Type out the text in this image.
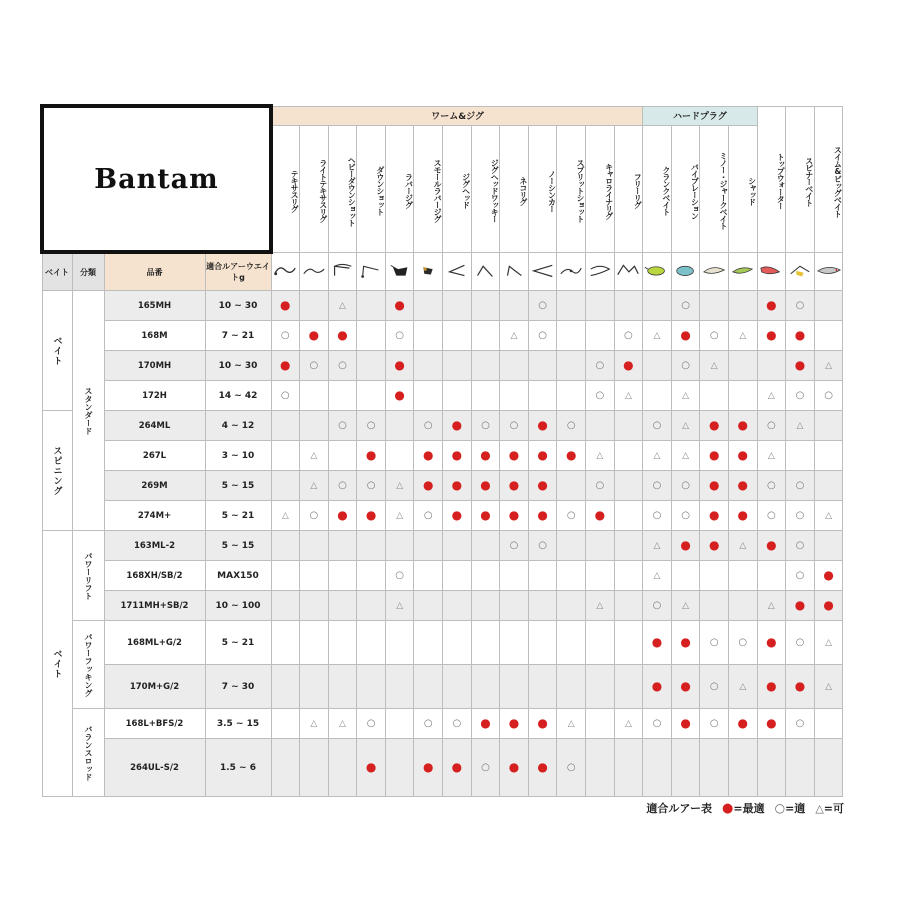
Bantam				ワーム&ジグ													ハードプラグ				トップウォーター	スピナーベイト	スイム&ビッグベイト
				テキサスリグ	ライトテキサスリグ	ヘビーダウンショット	ダウンショット	ラバージグ	スモールラバージグ	ジグヘッド	ジグヘッドワッキー	ネコリグ	ノーシンカー	スプリットショット	キャロライナリグ	フリーリグ	クランクベイト	バイブレーション	ミノー・ジャークベイト	シャッド			
ベイト	分類	品番	適合ルアーウエイトg																				
ベイト	スタンダード	165MH	10 ~ 30	●		△		●					○					○			●	○	
		168M	7 ~ 21	○	●	●		○				△	○			○	△	●	○	△	●	●	
		170MH	10 ~ 30	●	○	○		●							○	●		○	△			●	△
		172H	14 ~ 42	○				●							○	△		△			△	○	○
スピニング		264ML	4 ~ 12			○	○		○	●	○	○	●	○			○	△	●	●	○	△	
		267L	3 ~ 10		△		●		●	●	●	●	●	●	△		△	△	●	●	△		
		269M	5 ~ 15		△	○	○	△	●	●	●	●	●		○		○	○	●	●	○	○	
		274M+	5 ~ 21	△	○	●	●	△	○	●	●	●	●	○	●		○	○	●	●	○	○	△
ベイト	パワーリフト	163ML-2	5 ~ 15									○	○				△	●	●	△	●	○	
		168XH/SB/2	MAX150					○									△					○	●
		1711MH+SB/2	10 ~ 100					△							△		○	△			△	●	●
	パワーフッキング	168ML+G/2	5 ~ 21														●	●	○	○	●	○	△
		170M+G/2	7 ~ 30														●	●	○	△	●	●	△
	バランスロッド	168L+BFS/2	3.5 ~ 15		△	△	○		○	○	●	●	●	△		△	○	●	○	●	●	○	
		264UL-S/2	1.5 ~ 6				●		●	●	○	●	●	○									
適合ルアー表 ●=最適 ○=適 △=可
